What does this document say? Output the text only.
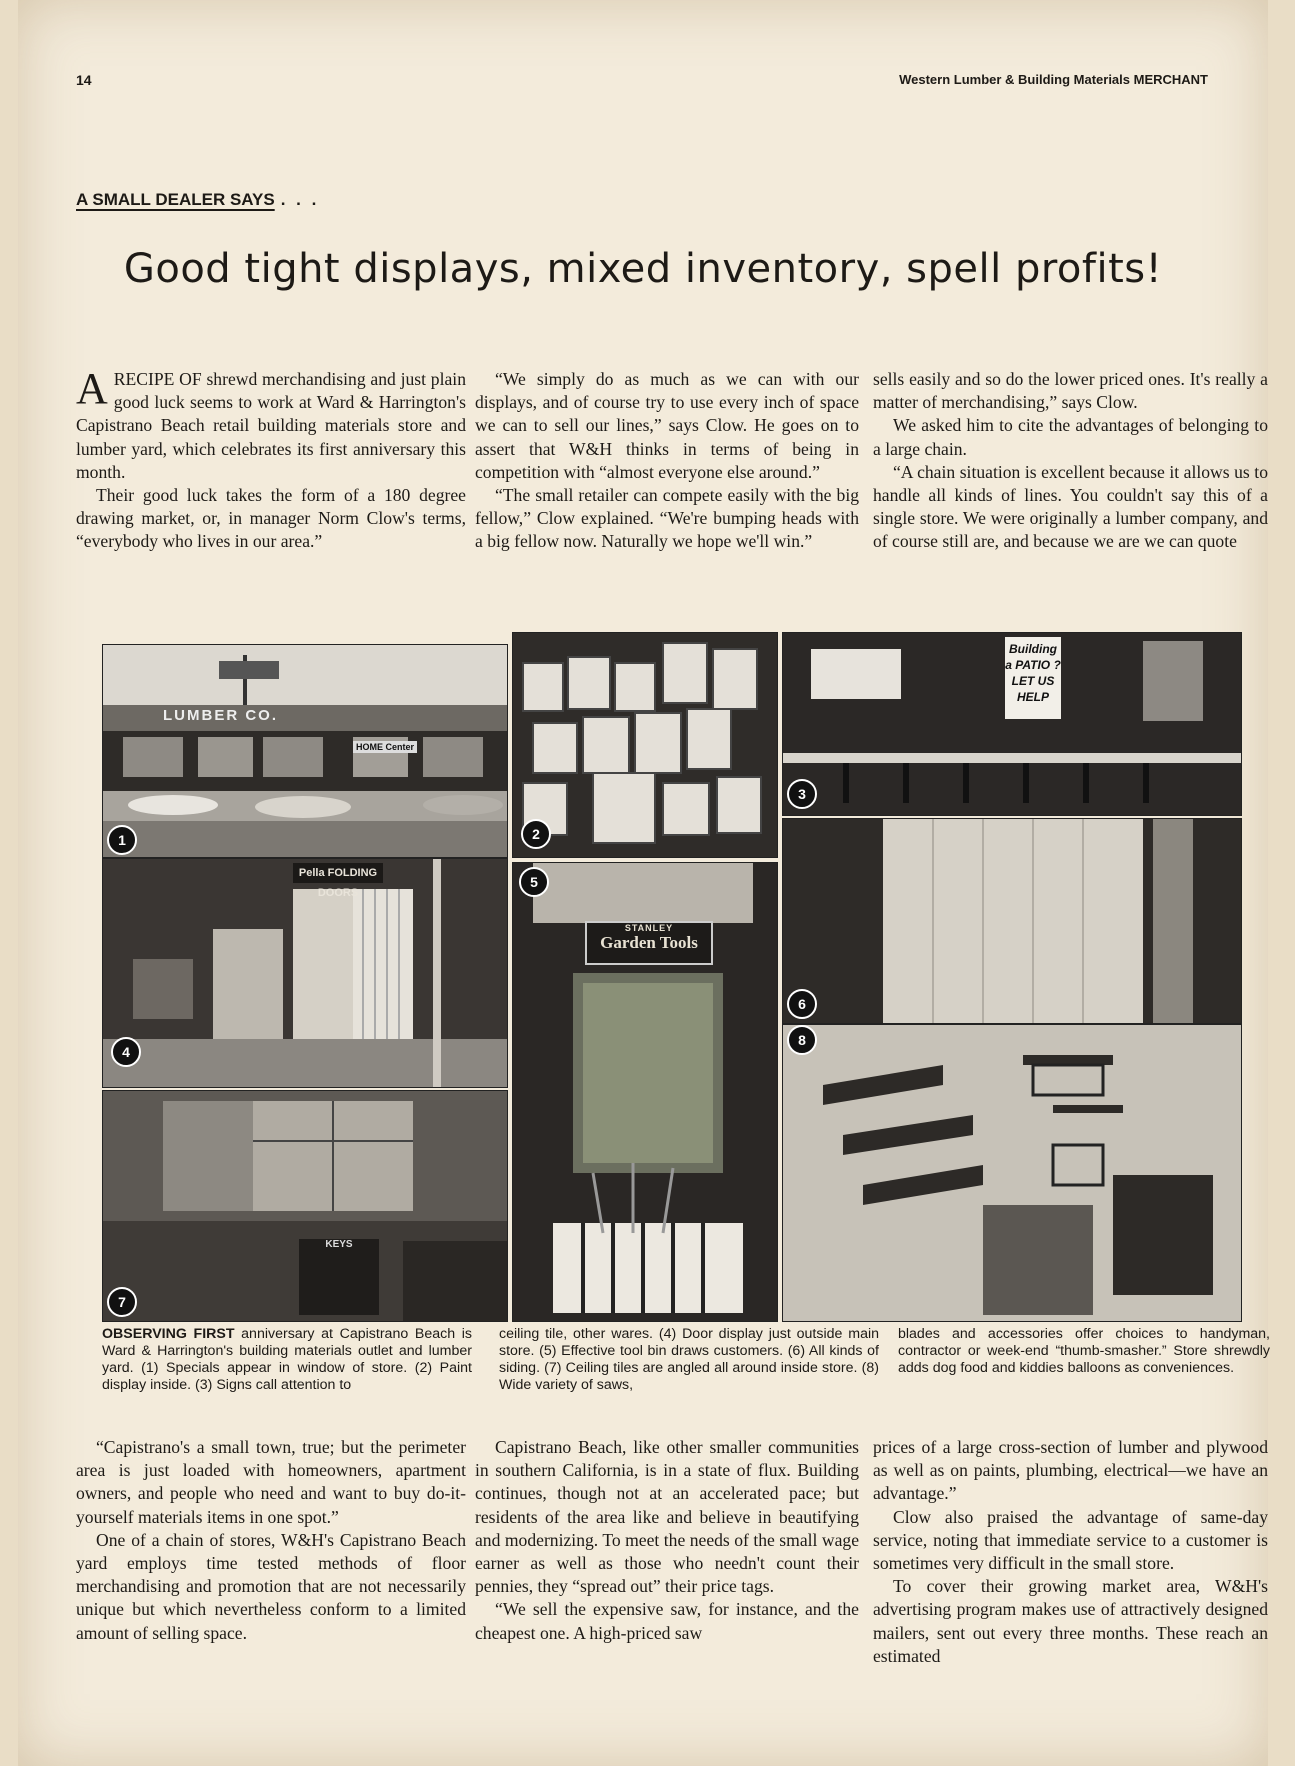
14	Western Lumber & Building Materials MERCHANT
A SMALL DEALER SAYS . . .
Good tight displays, mixed inventory, spell profits!

ARECIPE OF shrewd merchandising and just plain good luck seems to work at Ward & Harrington's Capistrano Beach retail building materials store and lumber yard, which celebrates its first anniversary this month.

Their good luck takes the form of a 180 degree drawing market, or, in manager Norm Clow's terms, “everybody who lives in our area.”

“We simply do as much as we can with our displays, and of course try to use every inch of space we can to sell our lines,” says Clow. He goes on to assert that W&H thinks in terms of being in competition with “almost everyone else around.”

“The small retailer can compete easily with the big fellow,” Clow explained. “We're bumping heads with a big fellow now. Naturally we hope we'll win.”

sells easily and so do the lower priced ones. It's really a matter of merchandising,” says Clow.

We asked him to cite the advantages of belonging to a large chain.

“A chain situation is excellent because it allows us to handle all kinds of lines. You couldn't say this of a single store. We were originally a lumber company, and of course still are, and because we are we can quote

LUMBER CO.
HOME Center
1	2
Building a PATIO ? LET US HELP
3
Pella FOLDING DOORS
4
STANLEY
Garden Tools
5
6
KEYS
7
8
OBSERVING FIRST anniversary at Capistrano Beach is Ward & Harrington's building materials outlet and lumber yard. (1) Specials appear in window of store. (2) Paint display inside. (3) Signs call attention to
ceiling tile, other wares. (4) Door display just outside main store. (5) Effective tool bin draws customers. (6) All kinds of siding. (7) Ceiling tiles are angled all around inside store. (8) Wide variety of saws,
blades and accessories offer choices to handyman, contractor or week-end “thumb-smasher.” Store shrewdly adds dog food and kiddies balloons as conveniences.

“Capistrano's a small town, true; but the perimeter area is just loaded with homeowners, apartment owners, and people who need and want to buy do-it-yourself materials items in one spot.”

One of a chain of stores, W&H's Capistrano Beach yard employs time tested methods of floor merchandising and promotion that are not necessarily unique but which nevertheless conform to a limited amount of selling space.

Capistrano Beach, like other smaller communities in southern California, is in a state of flux. Building continues, though not at an accelerated pace; but residents of the area like and believe in beautifying and modernizing. To meet the needs of the small wage earner as well as those who needn't count their pennies, they “spread out” their price tags.

“We sell the expensive saw, for instance, and the cheapest one. A high-priced saw

prices of a large cross-section of lumber and plywood as well as on paints, plumbing, electrical—we have an advantage.”

Clow also praised the advantage of same-day service, noting that immediate service to a customer is sometimes very difficult in the small store.

To cover their growing market area, W&H's advertising program makes use of attractively designed mailers, sent out every three months. These reach an estimated
